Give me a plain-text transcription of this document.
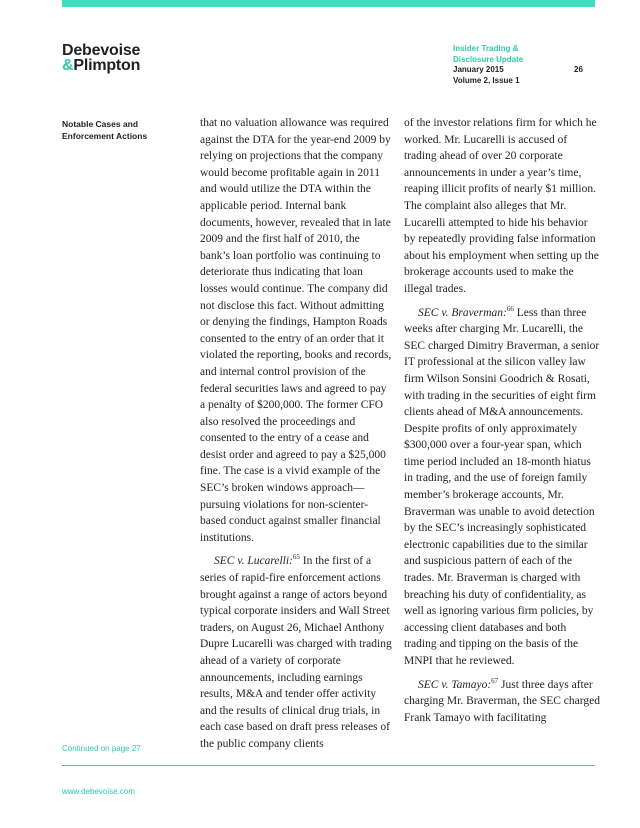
Debevoise
&Plimpton
Insider Trading &
Disclosure Update
January 2015
Volume 2, Issue 1
26
Notable Cases and
Enforcement Actions

that no valuation allowance was required against the DTA for the year-end 2009 by relying on projections that the company would become profitable again in 2011 and would utilize the DTA within the applicable period. Internal bank documents, however, revealed that in late 2009 and the first half of 2010, the bank’s loan portfolio was continuing to deteriorate thus indicating that loan losses would continue. The company did not disclose this fact. Without admitting or denying the findings, Hampton Roads consented to the entry of an order that it violated the reporting, books and records, and internal control provision of the federal securities laws and agreed to pay a penalty of $200,000. The former CFO also resolved the proceedings and consented to the entry of a cease and desist order and agreed to pay a $25,000 fine. The case is a vivid example of the SEC’s broken windows approach—pursuing violations for non-scienter-based conduct against smaller financial institutions.

SEC v. Lucarelli:$^{65}$ In the first of a series of rapid-fire enforcement actions brought against a range of actors beyond typical corporate insiders and Wall Street traders, on August 26, Michael Anthony Dupre Lucarelli was charged with trading ahead of a variety of corporate announcements, including earnings results, M&A and tender offer activity and the results of clinical drug trials, in each case based on draft press releases of the public company clients

of the investor relations firm for which he worked. Mr. Lucarelli is accused of trading ahead of over 20 corporate announcements in under a year’s time, reaping illicit profits of nearly $1 million. The complaint also alleges that Mr. Lucarelli attempted to hide his behavior by repeatedly providing false information about his employment when setting up the brokerage accounts used to make the illegal trades.

SEC v. Braverman:$^{66}$ Less than three weeks after charging Mr. Lucarelli, the SEC charged Dimitry Braverman, a senior IT professional at the silicon valley law firm Wilson Sonsini Goodrich & Rosati, with trading in the securities of eight firm clients ahead of M&A announcements. Despite profits of only approximately $300,000 over a four-year span, which time period included an 18-month hiatus in trading, and the use of foreign family member’s brokerage accounts, Mr. Braverman was unable to avoid detection by the SEC’s increasingly sophisticated electronic capabilities due to the similar and suspicious pattern of each of the trades. Mr. Braverman is charged with breaching his duty of confidentiality, as well as ignoring various firm policies, by accessing client databases and both trading and tipping on the basis of the MNPI that he reviewed.

SEC v. Tamayo:$^{67}$ Just three days after charging Mr. Braverman, the SEC charged Frank Tamayo with facilitating

Continued on page 27
www.debevoise.com
